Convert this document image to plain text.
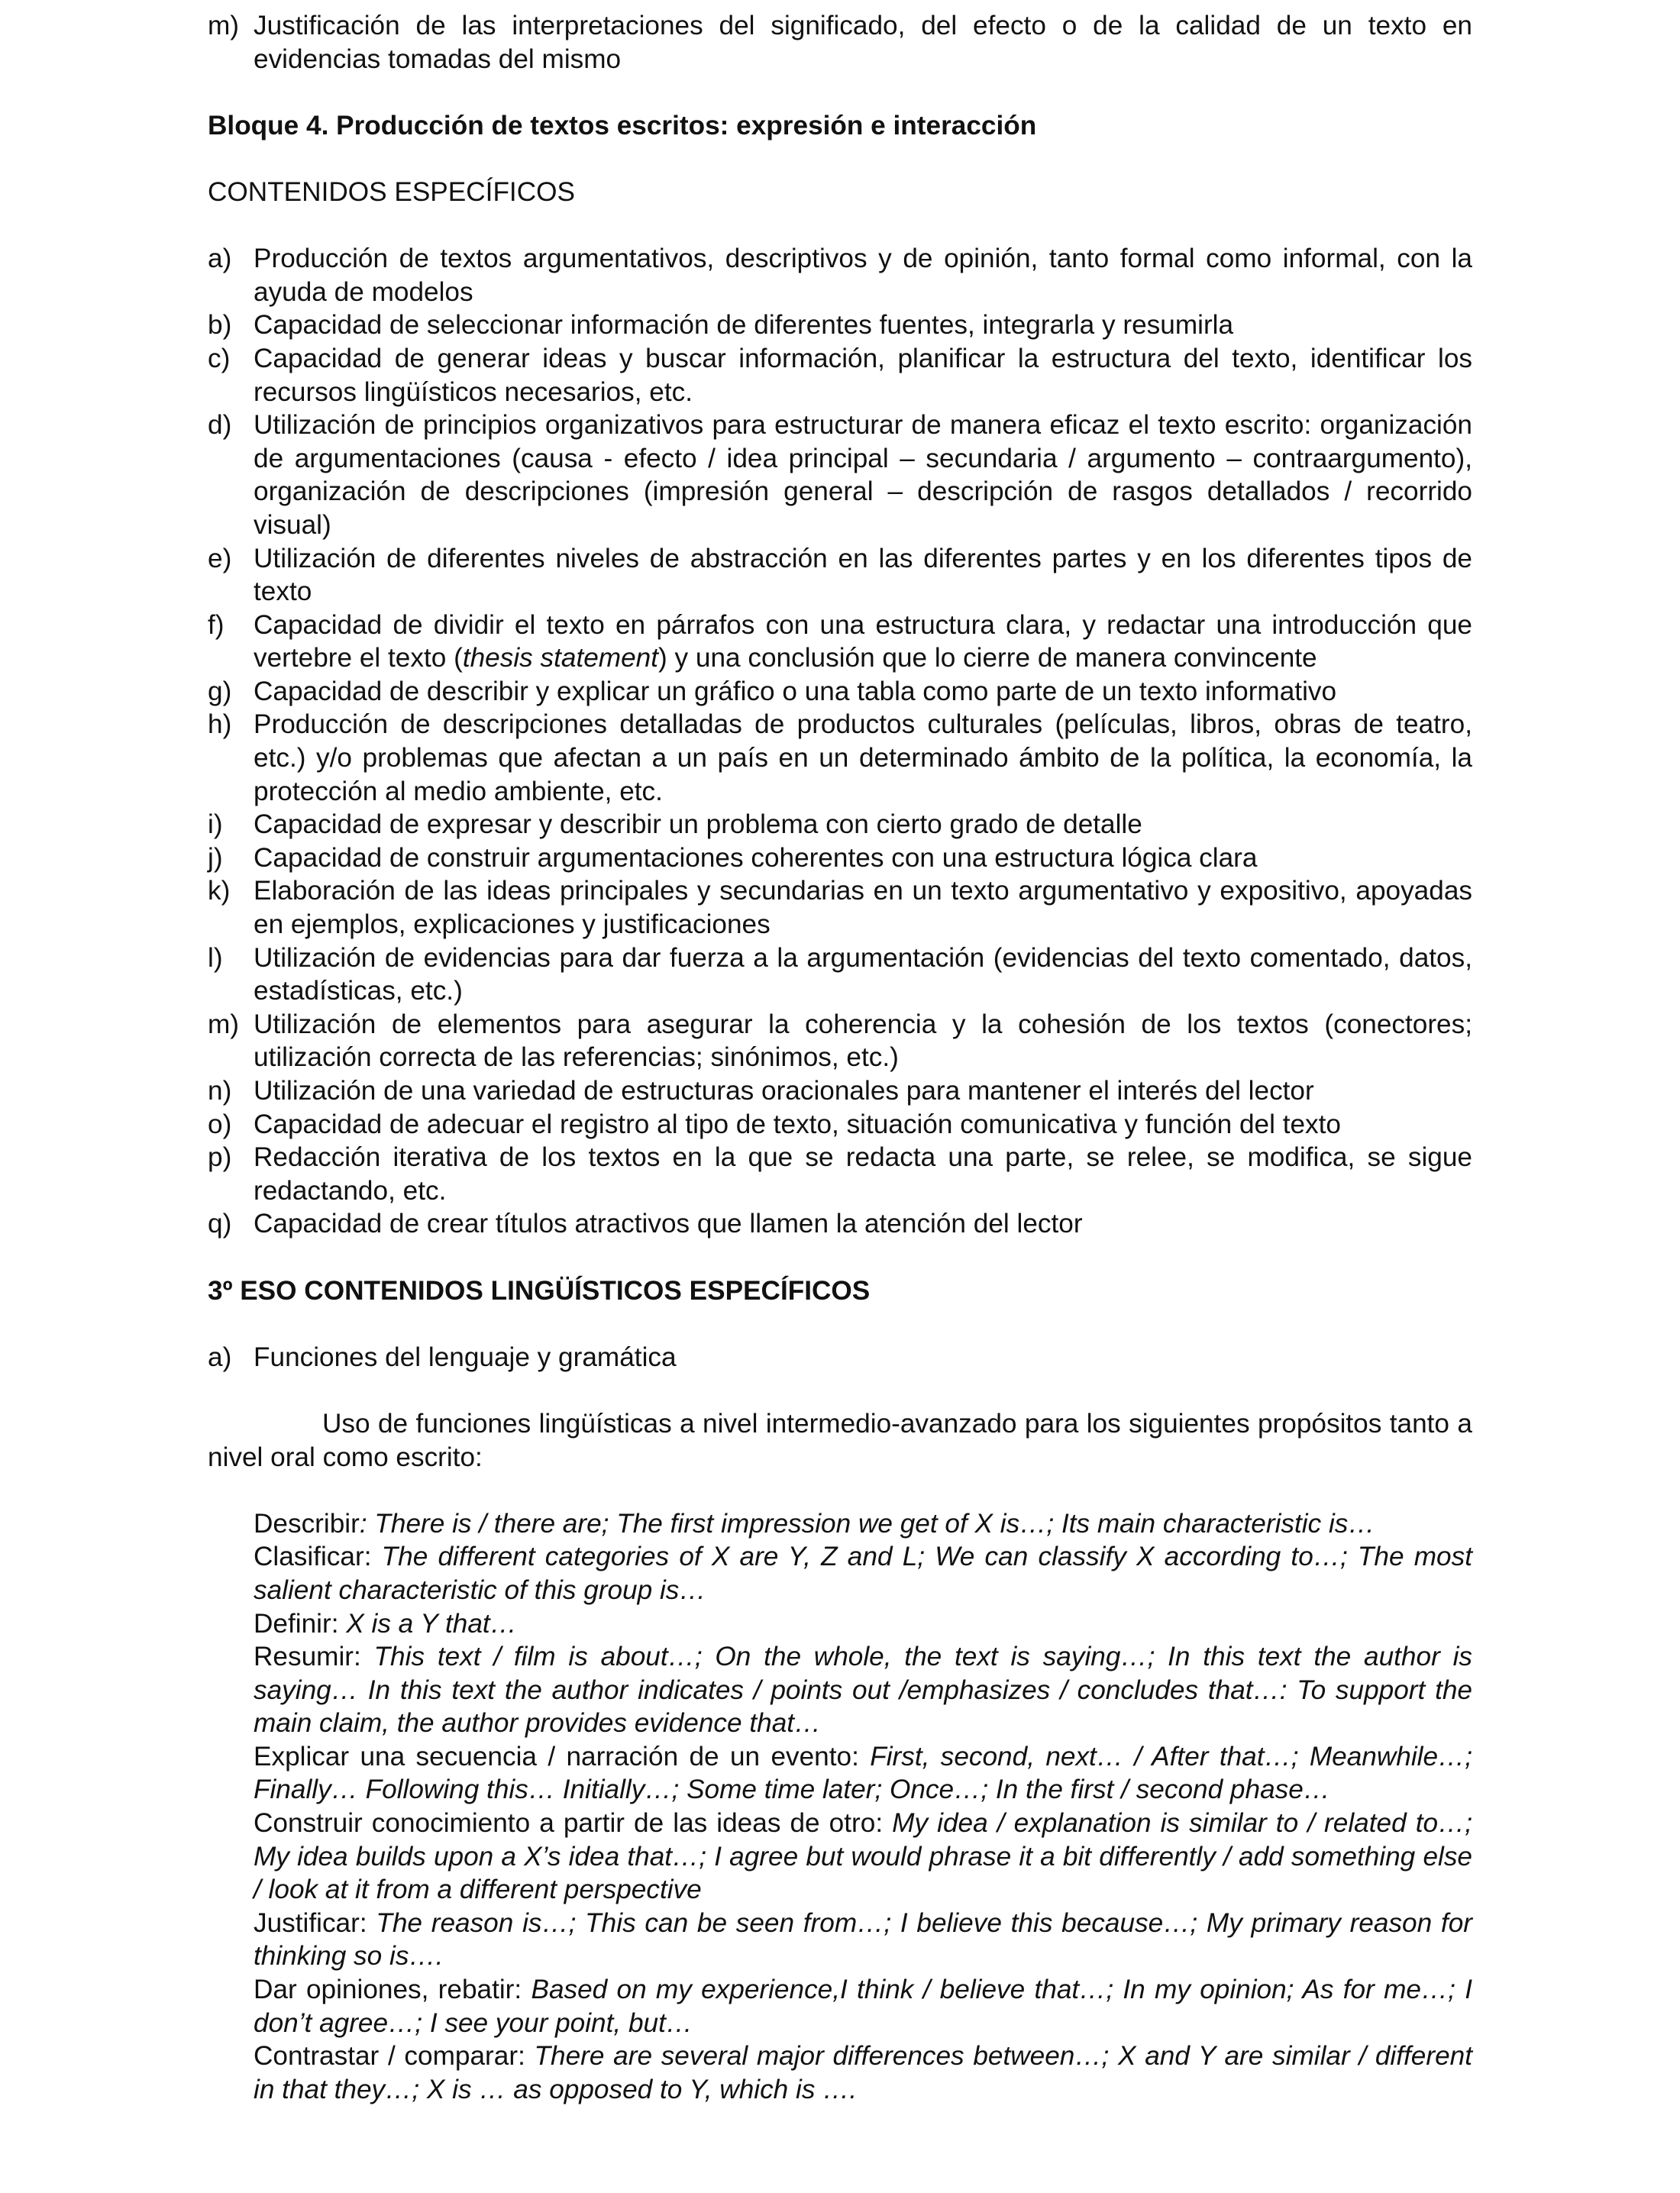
m) Justificación de las interpretaciones del significado, del efecto o de la calidad de un texto en evidencias tomadas del mismo
Bloque 4. Producción de textos escritos: expresión e interacción
CONTENIDOS ESPECÍFICOS
a) Producción de textos argumentativos, descriptivos y de opinión, tanto formal como informal, con la ayuda de modelos
b) Capacidad de seleccionar información de diferentes fuentes, integrarla y resumirla
c) Capacidad de generar ideas y buscar información, planificar la estructura del texto, identificar los recursos lingüísticos necesarios, etc.
d) Utilización de principios organizativos para estructurar de manera eficaz el texto escrito: organización de argumentaciones (causa - efecto / idea principal – secundaria / argumento – contraargumento), organización de descripciones (impresión general – descripción de rasgos detallados / recorrido visual)
e) Utilización de diferentes niveles de abstracción en las diferentes partes y en los diferentes tipos de texto
f) Capacidad de dividir el texto en párrafos con una estructura clara, y redactar una introducción que vertebre el texto (thesis statement) y una conclusión que lo cierre de manera convincente
g) Capacidad de describir y explicar un gráfico o una tabla como parte de un texto informativo
h) Producción de descripciones detalladas de productos culturales (películas, libros, obras de teatro, etc.) y/o problemas que afectan a un país en un determinado ámbito de la política, la economía, la protección al medio ambiente, etc.
i) Capacidad de expresar y describir un problema con cierto grado de detalle
j) Capacidad de construir argumentaciones coherentes con una estructura lógica clara
k) Elaboración de las ideas principales y secundarias en un texto argumentativo y expositivo, apoyadas en ejemplos, explicaciones y justificaciones
l) Utilización de evidencias para dar fuerza a la argumentación (evidencias del texto comentado, datos, estadísticas, etc.)
m) Utilización de elementos para asegurar la coherencia y la cohesión de los textos (conectores; utilización correcta de las referencias; sinónimos, etc.)
n) Utilización de una variedad de estructuras oracionales para mantener el interés del lector
o) Capacidad de adecuar el registro al tipo de texto, situación comunicativa y función del texto
p) Redacción iterativa de los textos en la que se redacta una parte, se relee, se modifica, se sigue redactando, etc.
q) Capacidad de crear títulos atractivos que llamen la atención del lector
3º ESO CONTENIDOS LINGÜÍSTICOS ESPECÍFICOS
a) Funciones del lenguaje y gramática
Uso de funciones lingüísticas a nivel intermedio-avanzado para los siguientes propósitos tanto a nivel oral como escrito:
Describir: There is / there are; The first impression we get of X is…; Its main characteristic is…
Clasificar: The different categories of X are Y, Z and L; We can classify X according to…; The most salient characteristic of this group is…
Definir: X is a Y that…
Resumir: This text / film is about…; On the whole, the text is saying…; In this text the author is saying… In this text the author indicates / points out /emphasizes / concludes that…: To support the main claim, the author provides evidence that…
Explicar una secuencia / narración de un evento: First, second, next… / After that…; Meanwhile…; Finally… Following this… Initially…; Some time later; Once…; In the first / second phase…
Construir conocimiento a partir de las ideas de otro: My idea / explanation is similar to / related to…; My idea builds upon a X’s idea that…; I agree but would phrase it a bit differently / add something else / look at it from a different perspective
Justificar: The reason is…; This can be seen from…; I believe this because…; My primary reason for thinking so is….
Dar opiniones, rebatir: Based on my experience,I think / believe that…; In my opinion; As for me…; I don’t agree…; I see your point, but…
Contrastar / comparar: There are several major differences between…; X and Y are similar / different in that they…; X is … as opposed to Y, which is ….
